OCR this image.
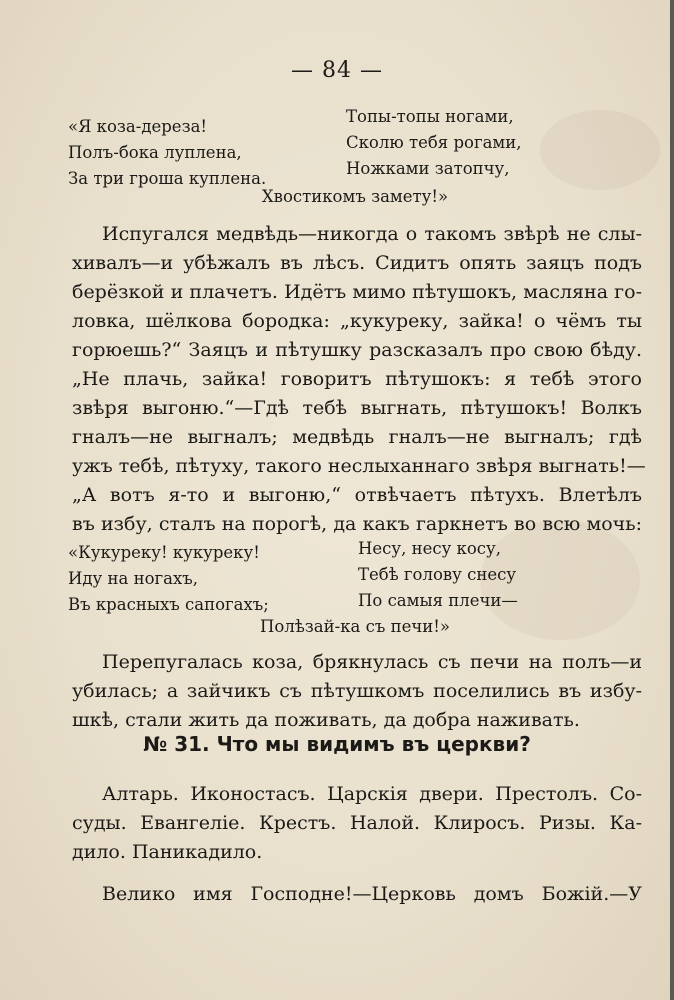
— 84 —
«Я коза-дереза!
Полъ-бока луплена,
За три гроша куплена.
Топы-топы ногами,
Сколю тебя рогами,
Ножками затопчу,
Хвостикомъ замету!»
Испугался медвѣдь—никогда о такомъ звѣрѣ не слы-
хивалъ—и убѣжалъ въ лѣсъ. Сидитъ опять заяцъ подъ
берёзкой и плачетъ. Идётъ мимо пѣтушокъ, масляна го-
ловка, шёлкова бородка: „кукуреку, зайка! о чёмъ ты
горюешь?“ Заяцъ и пѣтушку разсказалъ про свою бѣду.
„Не плачь, зайка! говоритъ пѣтушокъ: я тебѣ этого
звѣря выгоню.“—Гдѣ тебѣ выгнать, пѣтушокъ! Волкъ
гналъ—не выгналъ; медвѣдь гналъ—не выгналъ; гдѣ
ужъ тебѣ, пѣтуху, такого неслыханнаго звѣря выгнать!—
„А вотъ я-то и выгоню,“ отвѣчаетъ пѣтухъ. Влетѣлъ
въ избу, сталъ на порогѣ, да какъ гаркнетъ во всю мочь:
«Кукуреку! кукуреку!
Иду на ногахъ,
Въ красныхъ сапогахъ;
Несу, несу косу,
Тебѣ голову снесу
По самыя плечи—
Полѣзай-ка съ печи!»
Перепугалась коза, брякнулась съ печи на полъ—и
убилась; а зайчикъ съ пѣтушкомъ поселились въ избу-
шкѣ, стали жить да поживать, да добра наживать.
№ 31. Что мы видимъ въ церкви?
Алтарь. Иконостасъ. Царскія двери. Престолъ. Со-
суды. Евангеліе. Крестъ. Налой. Клиросъ. Ризы. Ка-
дило. Паникадило.
Велико имя Господне!—Церковь домъ Божій.—У
